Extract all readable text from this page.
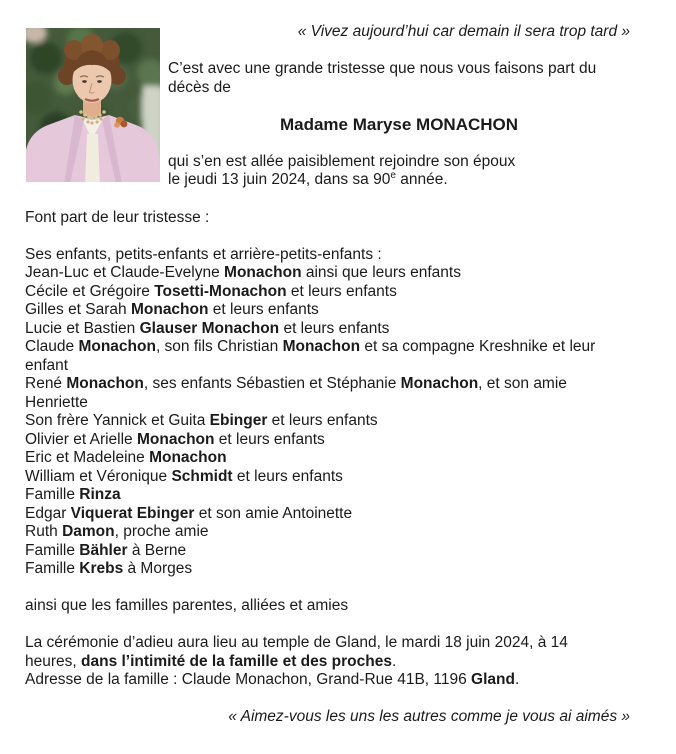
« Vivez aujourd’hui car demain il sera trop tard »
C’est avec une grande tristesse que nous vous faisons part du
décès de
Madame Maryse MONACHON
qui s’en est allée paisiblement rejoindre son époux
le jeudi 13 juin 2024, dans sa 90e année.
Font part de leur tristesse :
Ses enfants, petits-enfants et arrière-petits-enfants :
Jean-Luc et Claude-Evelyne Monachon ainsi que leurs enfants
Cécile et Grégoire Tosetti-Monachon et leurs enfants
Gilles et Sarah Monachon et leurs enfants
Lucie et Bastien Glauser Monachon et leurs enfants
Claude Monachon, son fils Christian Monachon et sa compagne Kreshnike et leur
enfant
René Monachon, ses enfants Sébastien et Stéphanie Monachon, et son amie
Henriette
Son frère Yannick et Guita Ebinger et leurs enfants
Olivier et Arielle Monachon et leurs enfants
Eric et Madeleine Monachon
William et Véronique Schmidt et leurs enfants
Famille Rinza
Edgar Viquerat Ebinger et son amie Antoinette
Ruth Damon, proche amie
Famille Bähler à Berne
Famille Krebs à Morges
ainsi que les familles parentes, alliées et amies
La cérémonie d’adieu aura lieu au temple de Gland, le mardi 18 juin 2024, à 14
heures, dans l’intimité de la famille et des proches.
Adresse de la famille : Claude Monachon, Grand-Rue 41B, 1196 Gland.
« Aimez-vous les uns les autres comme je vous ai aimés »
